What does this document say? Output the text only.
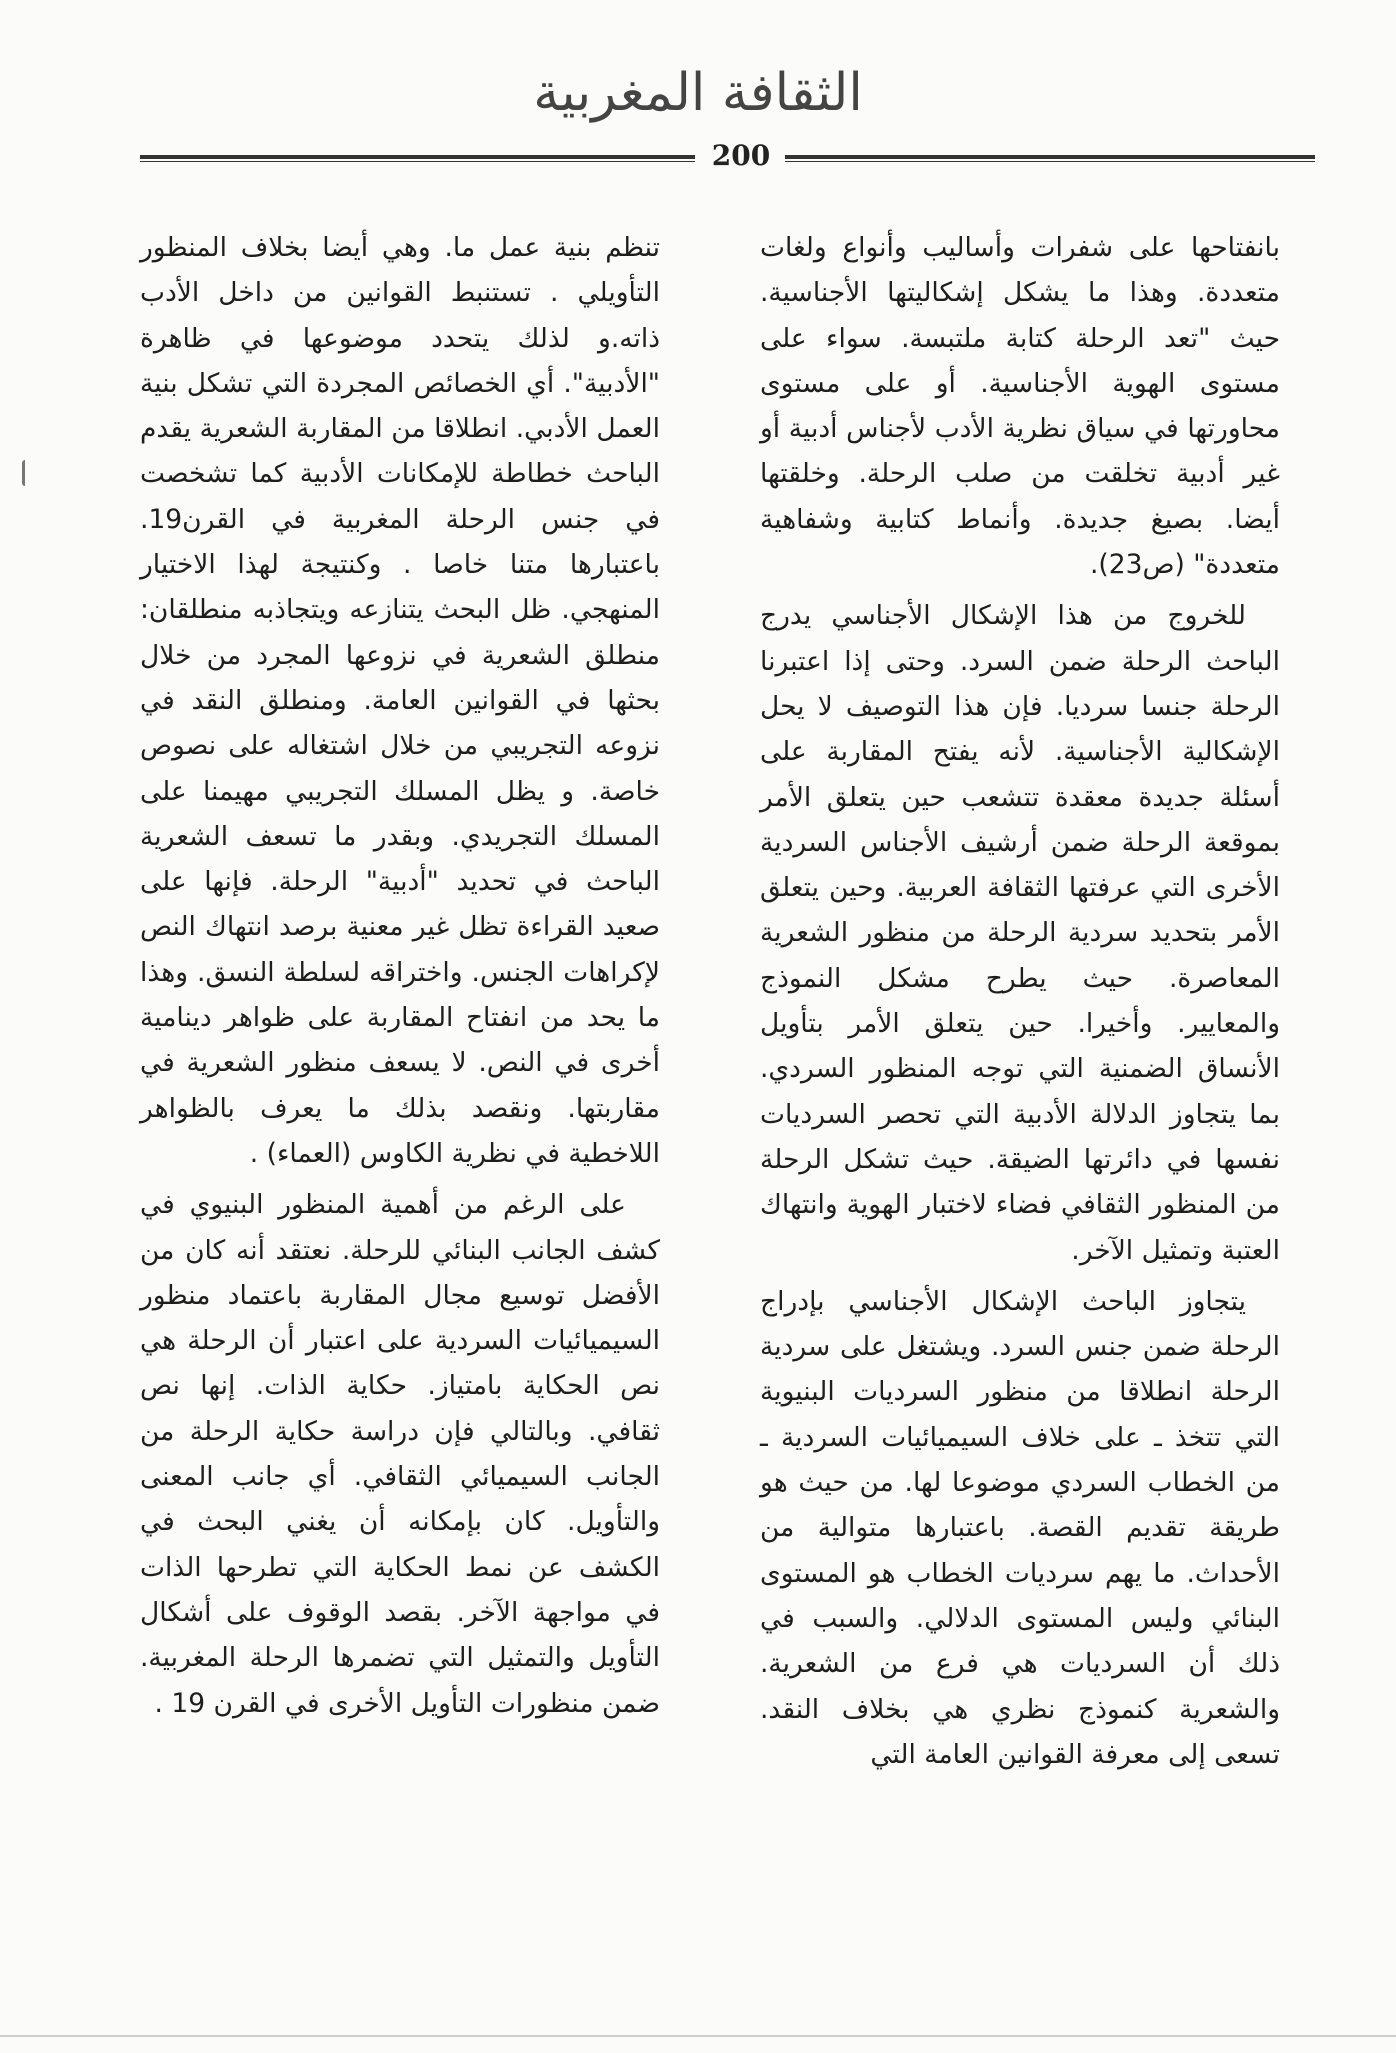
الثقافة المغربية
200

بانفتاحها على شفرات وأساليب وأنواع ولغات متعددة. وهذا ما يشكل إشكاليتها الأجناسية. حيث "تعد الرحلة كتابة ملتبسة. سواء على مستوى الهوية الأجناسية. أو على مستوى محاورتها في سياق نظرية الأدب لأجناس أدبية أو غير أدبية تخلقت من صلب الرحلة. وخلقتها أيضا. بصيغ جديدة. وأنماط كتابية وشفاهية متعددة" (ص23).

للخروج من هذا الإشكال الأجناسي يدرج الباحث الرحلة ضمن السرد. وحتى إذا اعتبرنا الرحلة جنسا سرديا. فإن هذا التوصيف لا يحل الإشكالية الأجناسية. لأنه يفتح المقاربة على أسئلة جديدة معقدة تتشعب حين يتعلق الأمر بموقعة الرحلة ضمن أرشيف الأجناس السردية الأخرى التي عرفتها الثقافة العربية. وحين يتعلق الأمر بتحديد سردية الرحلة من منظور الشعرية المعاصرة. حيث يطرح مشكل النموذج والمعايير. وأخيرا. حين يتعلق الأمر بتأويل الأنساق الضمنية التي توجه المنظور السردي. بما يتجاوز الدلالة الأدبية التي تحصر السرديات نفسها في دائرتها الضيقة. حيث تشكل الرحلة من المنظور الثقافي فضاء لاختبار الهوية وانتهاك العتبة وتمثيل الآخر.

يتجاوز الباحث الإشكال الأجناسي بإدراج الرحلة ضمن جنس السرد. ويشتغل على سردية الرحلة انطلاقا من منظور السرديات البنيوية التي تتخذ ـ على خلاف السيميائيات السردية ـ من الخطاب السردي موضوعا لها. من حيث هو طريقة تقديم القصة. باعتبارها متوالية من الأحداث. ما يهم سرديات الخطاب هو المستوى البنائي وليس المستوى الدلالي. والسبب في ذلك أن السرديات هي فرع من الشعرية. والشعرية كنموذج نظري هي بخلاف النقد. تسعى إلى معرفة القوانين العامة التي

تنظم بنية عمل ما. وهي أيضا بخلاف المنظور التأويلي . تستنبط القوانين من داخل الأدب ذاته.و لذلك يتحدد موضوعها في ظاهرة "الأدبية". أي الخصائص المجردة التي تشكل بنية العمل الأدبي. انطلاقا من المقاربة الشعرية يقدم الباحث خطاطة للإمكانات الأدبية كما تشخصت في جنس الرحلة المغربية في القرن19. باعتبارها متنا خاصا . وكنتيجة لهذا الاختيار المنهجي. ظل البحث يتنازعه ويتجاذبه منطلقان: منطلق الشعرية في نزوعها المجرد من خلال بحثها في القوانين العامة. ومنطلق النقد في نزوعه التجريبي من خلال اشتغاله على نصوص خاصة. و يظل المسلك التجريبي مهيمنا على المسلك التجريدي. وبقدر ما تسعف الشعرية الباحث في تحديد "أدبية" الرحلة. فإنها على صعيد القراءة تظل غير معنية برصد انتهاك النص لإكراهات الجنس. واختراقه لسلطة النسق. وهذا ما يحد من انفتاح المقاربة على ظواهر دينامية أخرى في النص. لا يسعف منظور الشعرية في مقاربتها. ونقصد بذلك ما يعرف بالظواهر اللاخطية في نظرية الكاوس (العماء) .

على الرغم من أهمية المنظور البنيوي في كشف الجانب البنائي للرحلة. نعتقد أنه كان من الأفضل توسيع مجال المقاربة باعتماد منظور السيميائيات السردية على اعتبار أن الرحلة هي نص الحكاية بامتياز. حكاية الذات. إنها نص ثقافي. وبالتالي فإن دراسة حكاية الرحلة من الجانب السيميائي الثقافي. أي جانب المعنى والتأويل. كان بإمكانه أن يغني البحث في الكشف عن نمط الحكاية التي تطرحها الذات في مواجهة الآخر. بقصد الوقوف على أشكال التأويل والتمثيل التي تضمرها الرحلة المغربية. ضمن منظورات التأويل الأخرى في القرن 19 .
